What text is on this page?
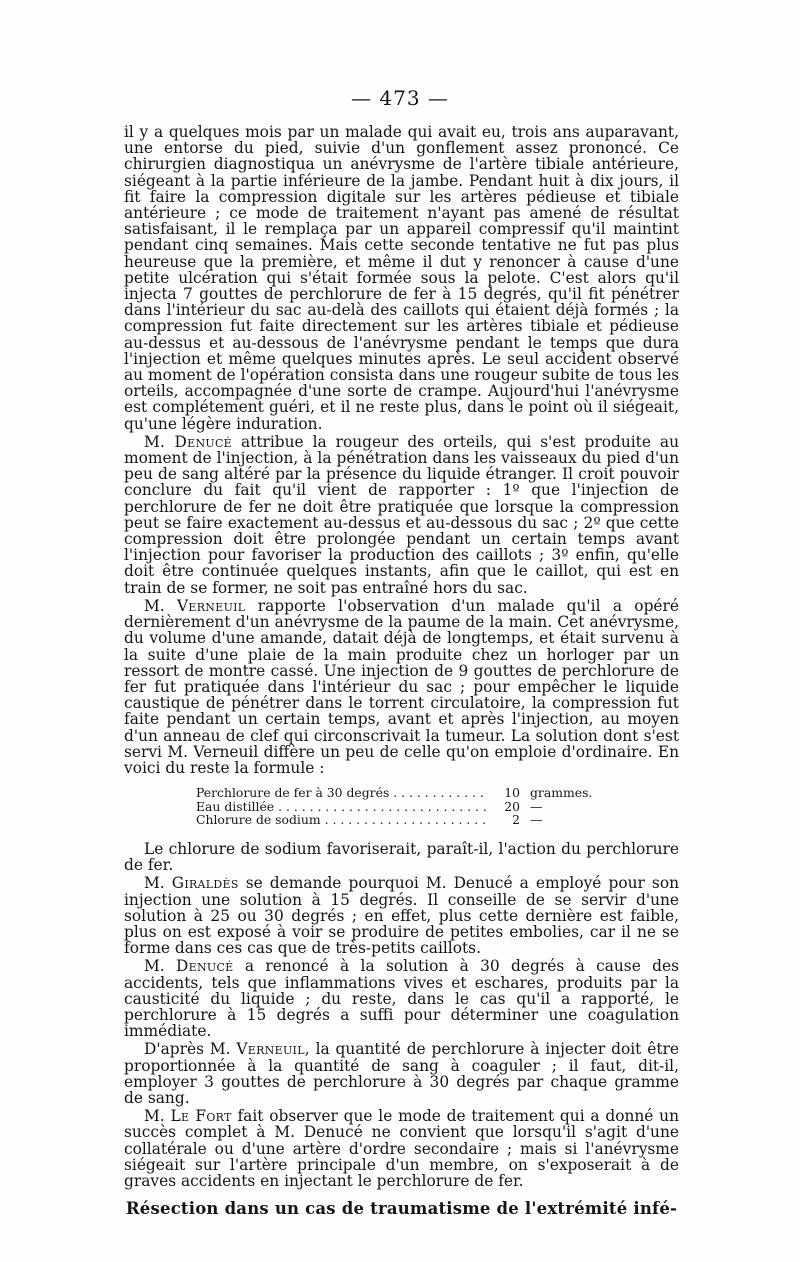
— 473 —

il y a quelques mois par un malade qui avait eu, trois ans auparavant, une entorse du pied, suivie d'un gonflement assez prononcé. Ce chirurgien diagnostiqua un anévrysme de l'artère tibiale antérieure, siégeant à la partie inférieure de la jambe. Pendant huit à dix jours, il fit faire la compression digitale sur les artères pédieuse et tibiale antérieure ; ce mode de traitement n'ayant pas amené de résultat satisfaisant, il le remplaça par un appareil compressif qu'il maintint pendant cinq semaines. Mais cette seconde tentative ne fut pas plus heureuse que la première, et même il dut y renoncer à cause d'une petite ulcération qui s'était formée sous la pelote. C'est alors qu'il injecta 7 gouttes de perchlorure de fer à 15 degrés, qu'il fit pénétrer dans l'intérieur du sac au-delà des caillots qui étaient déjà formés ; la compression fut faite directement sur les artères tibiale et pédieuse au-dessus et au-dessous de l'anévrysme pendant le temps que dura l'injection et même quelques minutes après. Le seul accident observé au moment de l'opération consista dans une rougeur subite de tous les orteils, accompagnée d'une sorte de crampe. Aujourd'hui l'anévrysme est complétement guéri, et il ne reste plus, dans le point où il siégeait, qu'une légère induration.

M. Denucé attribue la rougeur des orteils, qui s'est produite au moment de l'injection, à la pénétration dans les vaisseaux du pied d'un peu de sang altéré par la présence du liquide étranger. Il croit pouvoir conclure du fait qu'il vient de rapporter : 1º que l'injection de perchlorure de fer ne doit être pratiquée que lorsque la compression peut se faire exactement au-dessus et au-dessous du sac ; 2º que cette compression doit être prolongée pendant un certain temps avant l'injection pour favoriser la production des caillots ; 3º enfin, qu'elle doit être continuée quelques instants, afin que le caillot, qui est en train de se former, ne soit pas entraîné hors du sac.

M. Verneuil rapporte l'observation d'un malade qu'il a opéré dernièrement d'un anévrysme de la paume de la main. Cet anévrysme, du volume d'une amande, datait déjà de longtemps, et était survenu à la suite d'une plaie de la main produite chez un horloger par un ressort de montre cassé. Une injection de 9 gouttes de perchlorure de fer fut pratiquée dans l'intérieur du sac ; pour empêcher le liquide caustique de pénétrer dans le torrent circulatoire, la compression fut faite pendant un certain temps, avant et après l'injection, au moyen d'un anneau de clef qui circonscrivait la tumeur. La solution dont s'est servi M. Verneuil diffère un peu de celle qu'on emploie d'ordinaire. En voici du reste la formule :

Perchlorure de fer à 30 degrés . . .	10 grammes.
Eau distillée . . .	20 —
Chlorure de sodium . . .	2 —

Le chlorure de sodium favoriserait, paraît-il, l'action du perchlorure de fer.

M. Giraldès se demande pourquoi M. Denucé a employé pour son injection une solution à 15 degrés. Il conseille de se servir d'une solution à 25 ou 30 degrés ; en effet, plus cette dernière est faible, plus on est exposé à voir se produire de petites embolies, car il ne se forme dans ces cas que de très-petits caillots.

M. Denucé a renoncé à la solution à 30 degrés à cause des accidents, tels que inflammations vives et eschares, produits par la causticité du liquide ; du reste, dans le cas qu'il a rapporté, le perchlorure à 15 degrés a suffi pour déterminer une coagulation immédiate.

D'après M. Verneuil, la quantité de perchlorure à injecter doit être proportionnée à la quantité de sang à coaguler ; il faut, dit-il, employer 3 gouttes de perchlorure à 30 degrés par chaque gramme de sang.

M. Le Fort fait observer que le mode de traitement qui a donné un succès complet à M. Denucé ne convient que lorsqu'il s'agit d'une collatérale ou d'une artère d'ordre secondaire ; mais si l'anévrysme siégeait sur l'artère principale d'un membre, on s'exposerait à de graves accidents en injectant le perchlorure de fer.

Résection dans un cas de traumatisme de l'extrémité infé-
